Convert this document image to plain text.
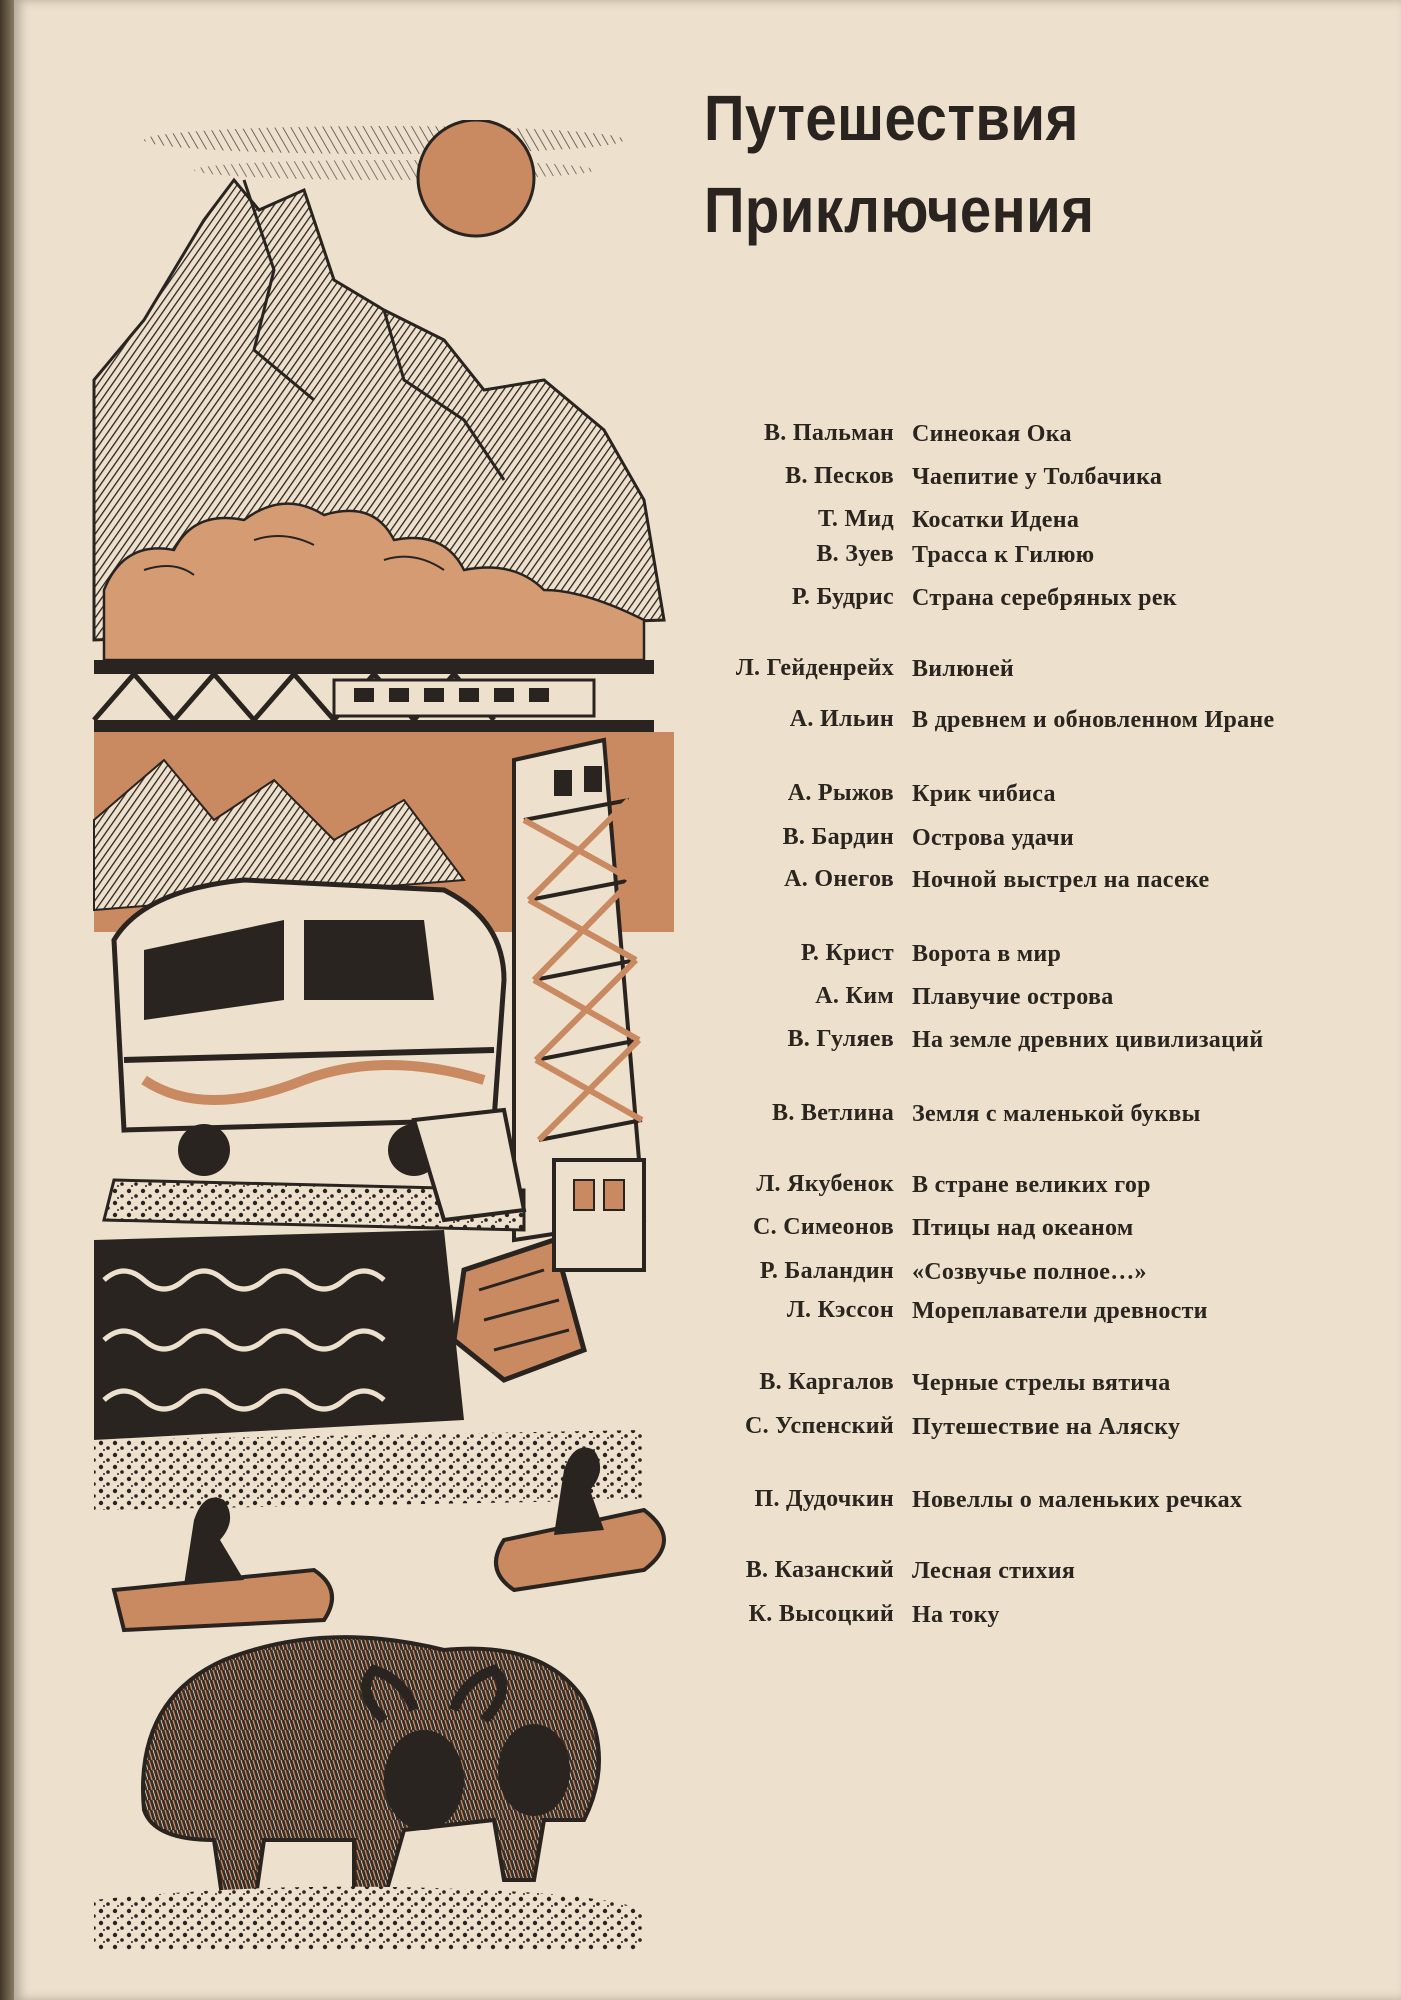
Путешествия
Приключения
В. Пальман Синеокая Ока
В. Песков Чаепитие у Толбачика
Т. Мид Косатки Идена
В. Зуев Трасса к Гилюю
Р. Будрис Страна серебряных рек
Л. Гейденрейх Вилюней
А. Ильин В древнем и обновленном Иране
А. Рыжов Крик чибиса
В. Бардин Острова удачи
А. Онегов Ночной выстрел на пасеке
Р. Крист Ворота в мир
А. Ким Плавучие острова
В. Гуляев На земле древних цивилизаций
В. Ветлина Земля с маленькой буквы
Л. Якубенок В стране великих гор
С. Симеонов Птицы над океаном
Р. Баландин «Созвучье полное…»
Л. Кэссон Мореплаватели древности
В. Каргалов Черные стрелы вятича
С. Успенский Путешествие на Аляску
П. Дудочкин Новеллы о маленьких речках
В. Казанский Лесная стихия
К. Высоцкий На току
